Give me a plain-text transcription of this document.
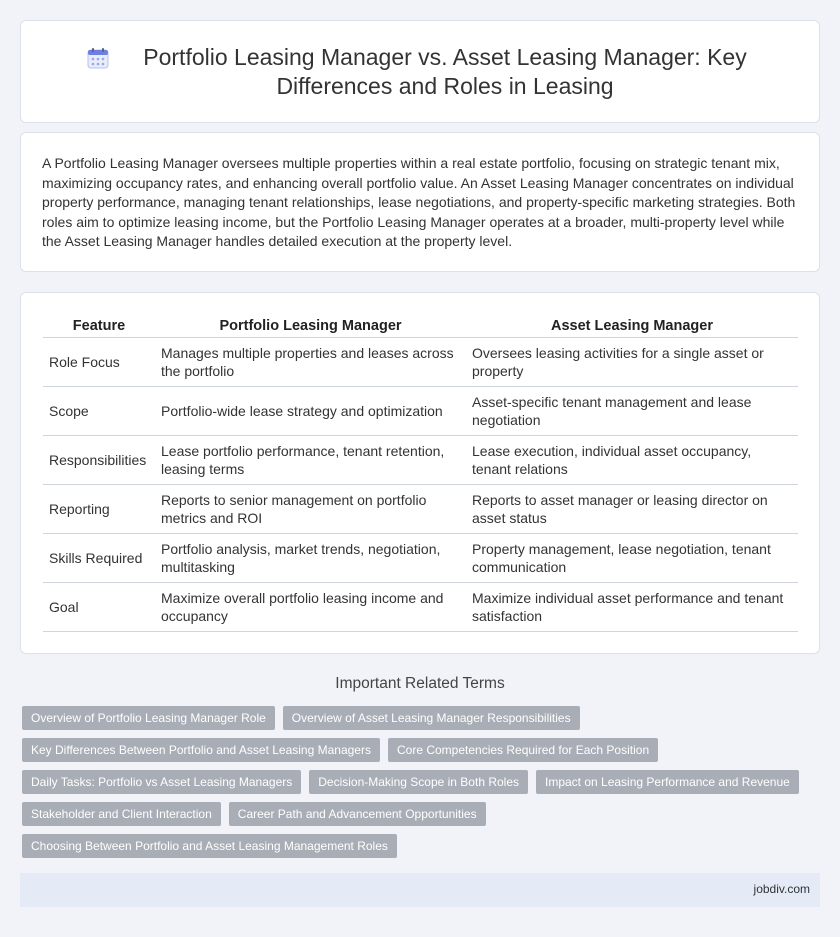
Portfolio Leasing Manager vs. Asset Leasing Manager: Key Differences and Roles in Leasing

A Portfolio Leasing Manager oversees multiple properties within a real estate portfolio, focusing on strategic tenant mix, maximizing occupancy rates, and enhancing overall portfolio value. An Asset Leasing Manager concentrates on individual property performance, managing tenant relationships, lease negotiations, and property-specific marketing strategies. Both roles aim to optimize leasing income, but the Portfolio Leasing Manager operates at a broader, multi-property level while the Asset Leasing Manager handles detailed execution at the property level.

Feature	Portfolio Leasing Manager	Asset Leasing Manager
Role Focus	Manages multiple properties and leases across the portfolio	Oversees leasing activities for a single asset or property
Scope	Portfolio-wide lease strategy and optimization	Asset-specific tenant management and lease negotiation
Responsibilities	Lease portfolio performance, tenant retention, leasing terms	Lease execution, individual asset occupancy, tenant relations
Reporting	Reports to senior management on portfolio metrics and ROI	Reports to asset manager or leasing director on asset status
Skills Required	Portfolio analysis, market trends, negotiation, multitasking	Property management, lease negotiation, tenant communication
Goal	Maximize overall portfolio leasing income and occupancy	Maximize individual asset performance and tenant satisfaction
Important Related Terms
Overview of Portfolio Leasing Manager Role	Overview of Asset Leasing Manager Responsibilities
Key Differences Between Portfolio and Asset Leasing Managers	Core Competencies Required for Each Position
Daily Tasks: Portfolio vs Asset Leasing Managers	Decision-Making Scope in Both Roles	Impact on Leasing Performance and Revenue
Stakeholder and Client Interaction	Career Path and Advancement Opportunities
Choosing Between Portfolio and Asset Leasing Management Roles
jobdiv.com
